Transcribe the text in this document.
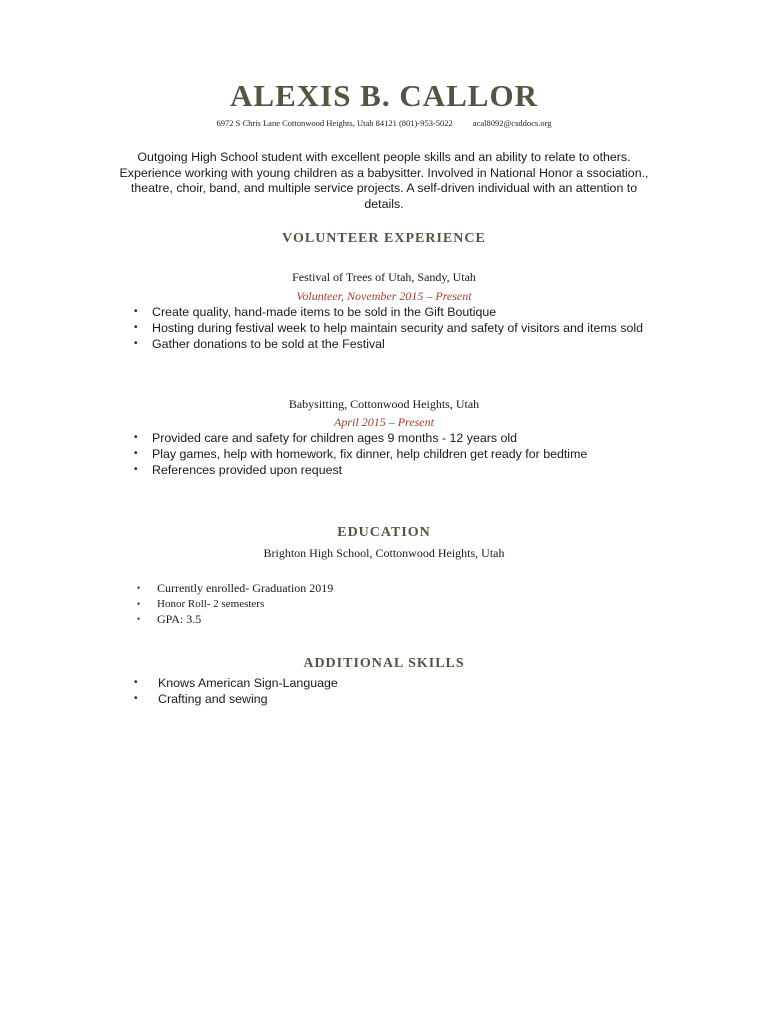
ALEXIS B. CALLOR
6972 S Chris Lane Cottonwood Heights, Utah 84121 (801)-953-5022 acal8092@csddocs.org
Outgoing High School student with excellent people skills and an ability to relate to others. Experience working with young children as a babysitter. Involved in National Honor a ssociation., theatre, choir, band, and multiple service projects. A self-driven individual with an attention to details.
VOLUNTEER EXPERIENCE
Festival of Trees of Utah, Sandy, Utah
Volunteer, November 2015 – Present
• Create quality, hand-made items to be sold in the Gift Boutique
• Hosting during festival week to help maintain security and safety of visitors and items sold
• Gather donations to be sold at the Festival
Babysitting, Cottonwood Heights, Utah
April 2015 – Present
• Provided care and safety for children ages 9 months - 12 years old
• Play games, help with homework, fix dinner, help children get ready for bedtime
• References provided upon request
EDUCATION
Brighton High School, Cottonwood Heights, Utah
• Currently enrolled- Graduation 2019
• Honor Roll- 2 semesters
• GPA: 3.5
ADDITIONAL SKILLS
• Knows American Sign-Language
• Crafting and sewing
